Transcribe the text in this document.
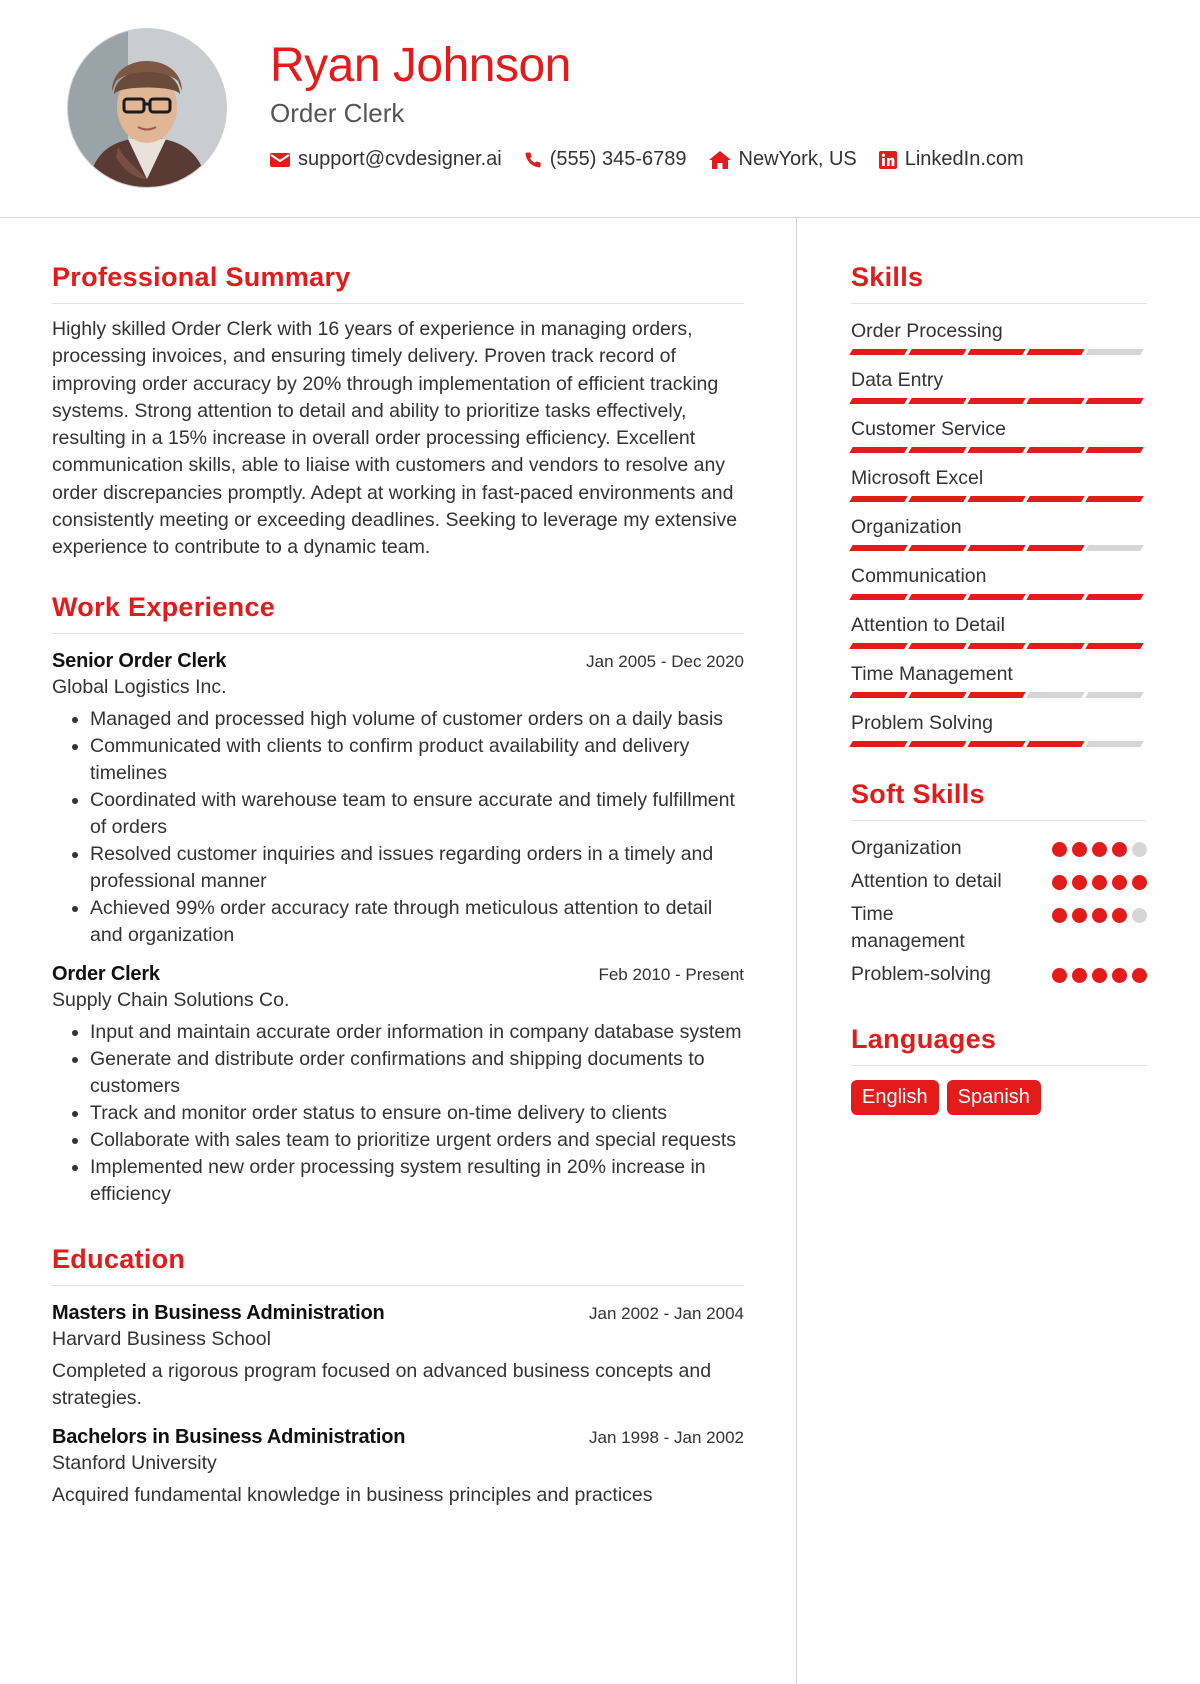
Ryan Johnson
Order Clerk
support@cvdesigner.ai (555) 345-6789	NewYork, US LinkedIn.com
Professional Summary

Highly skilled Order Clerk with 16 years of experience in managing orders, processing invoices, and ensuring timely delivery. Proven track record of improving order accuracy by 20% through implementation of efficient tracking systems. Strong attention to detail and ability to prioritize tasks effectively, resulting in a 15% increase in overall order processing efficiency. Excellent communication skills, able to liaise with customers and vendors to resolve any order discrepancies promptly. Adept at working in fast-paced environments and consistently meeting or exceeding deadlines. Seeking to leverage my extensive experience to contribute to a dynamic team.

Work Experience
Senior Order Clerk	Jan 2005 - Dec 2020
Global Logistics Inc.
• Managed and processed high volume of customer orders on a daily basis
• Communicated with clients to confirm product availability and delivery timelines
• Coordinated with warehouse team to ensure accurate and timely fulfillment of orders
• Resolved customer inquiries and issues regarding orders in a timely and professional manner
• Achieved 99% order accuracy rate through meticulous attention to detail and organization
Order Clerk	Feb 2010 - Present
Supply Chain Solutions Co.
• Input and maintain accurate order information in company database system
• Generate and distribute order confirmations and shipping documents to customers
• Track and monitor order status to ensure on-time delivery to clients
• Collaborate with sales team to prioritize urgent orders and special requests
• Implemented new order processing system resulting in 20% increase in efficiency
Education
Masters in Business Administration	Jan 2002 - Jan 2004
Harvard Business School

Completed a rigorous program focused on advanced business concepts and strategies.

Bachelors in Business Administration	Jan 1998 - Jan 2002
Stanford University

Acquired fundamental knowledge in business principles and practices

Skills
Order Processing
Data Entry
Customer Service
Microsoft Excel
Organization
Communication
Attention to Detail
Time Management
Problem Solving
Soft Skills
Organization
Attention to detail
Time management
Problem-solving
Languages
English	Spanish
